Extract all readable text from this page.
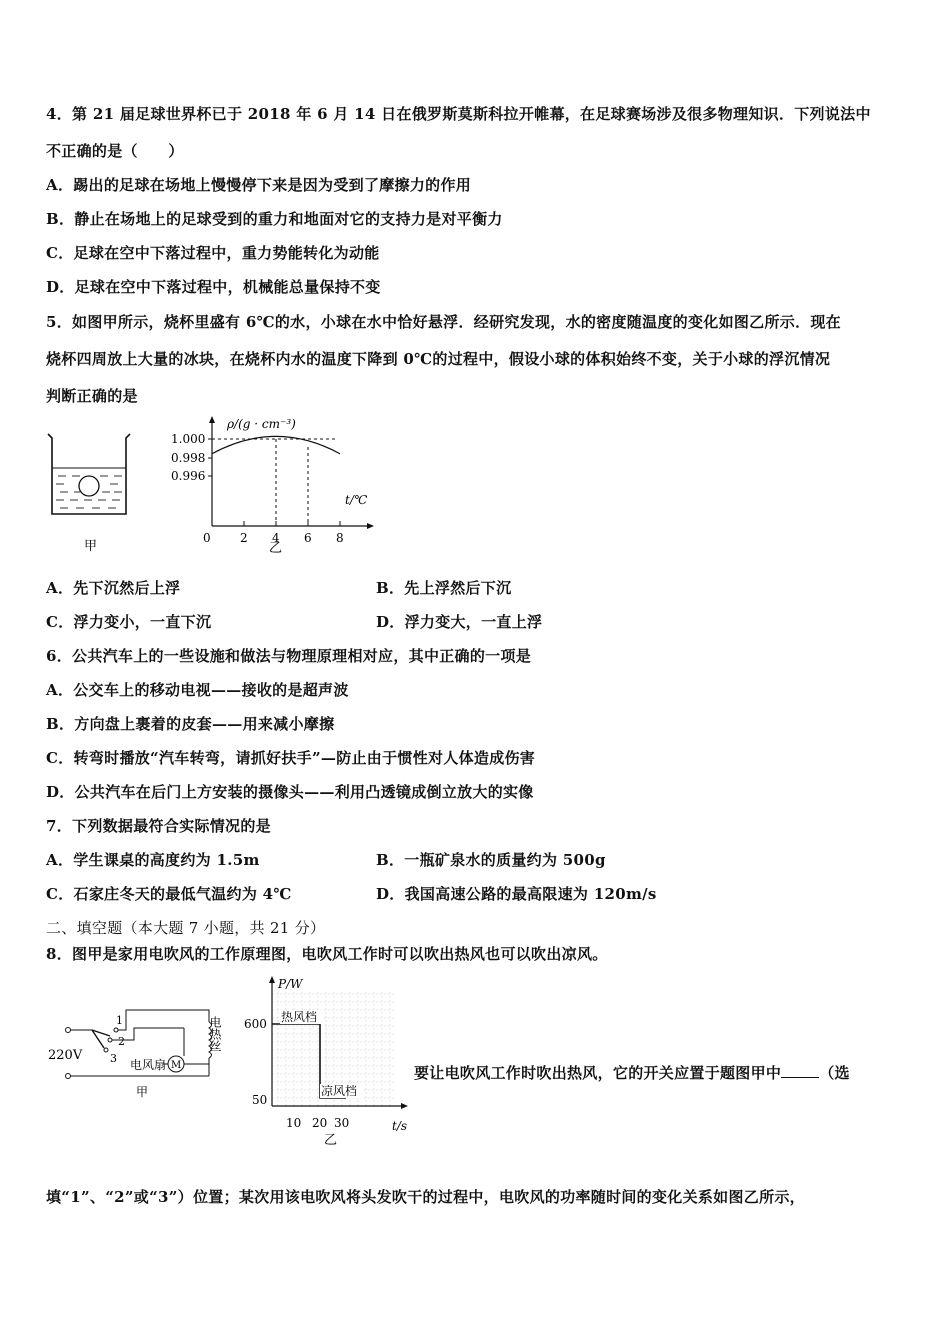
4．第 21 届足球世界杯已于 2018 年 6 月 14 日在俄罗斯莫斯科拉开帷幕，在足球赛场涉及很多物理知识．下列说法中
不正确的是（　　）
A．踢出的足球在场地上慢慢停下来是因为受到了摩擦力的作用
B．静止在场地上的足球受到的重力和地面对它的支持力是对平衡力
C．足球在空中下落过程中，重力势能转化为动能
D．足球在空中下落过程中，机械能总量保持不变
5．如图甲所示，烧杯里盛有 6℃的水，小球在水中恰好悬浮．经研究发现，水的密度随温度的变化如图乙所示．现在
烧杯四周放上大量的冰块，在烧杯内水的温度下降到 0℃的过程中，假设小球的体积始终不变，关于小球的浮沉情况
判断正确的是
甲
ρ/(g · cm⁻³)
t/℃
0 2 4 6 8
1.000
0.998
0.996
乙
A．先下沉然后上浮	B．先上浮然后下沉
C．浮力变小，一直下沉	D．浮力变大，一直上浮
6．公共汽车上的一些设施和做法与物理原理相对应，其中正确的一项是
A．公交车上的移动电视——接收的是超声波
B．方向盘上裹着的皮套——用来减小摩擦
C．转弯时播放“汽车转弯，请抓好扶手”—防止由于惯性对人体造成伤害
D．公共汽车在后门上方安装的摄像头——利用凸透镜成倒立放大的实像
7．下列数据最符合实际情况的是
A．学生课桌的高度约为 1.5m	B．一瓶矿泉水的质量约为 500g
C．石家庄冬天的最低气温约为 4℃	D．我国高速公路的最高限速为 120m/s
二、填空题（本大题 7 小题，共 21 分）
8．图甲是家用电吹风的工作原理图，电吹风工作时可以吹出热风也可以吹出凉风。
220V
1
2
3
电热丝
M
电风扇
甲
P/W
t/s
600
50
10 20 30
热风档
凉风档
乙
要让电吹风工作时吹出热风，它的开关应置于题图甲中	（选
填“1”、“2”或“3”）位置；某次用该电吹风将头发吹干的过程中，电吹风的功率随时间的变化关系如图乙所示，
